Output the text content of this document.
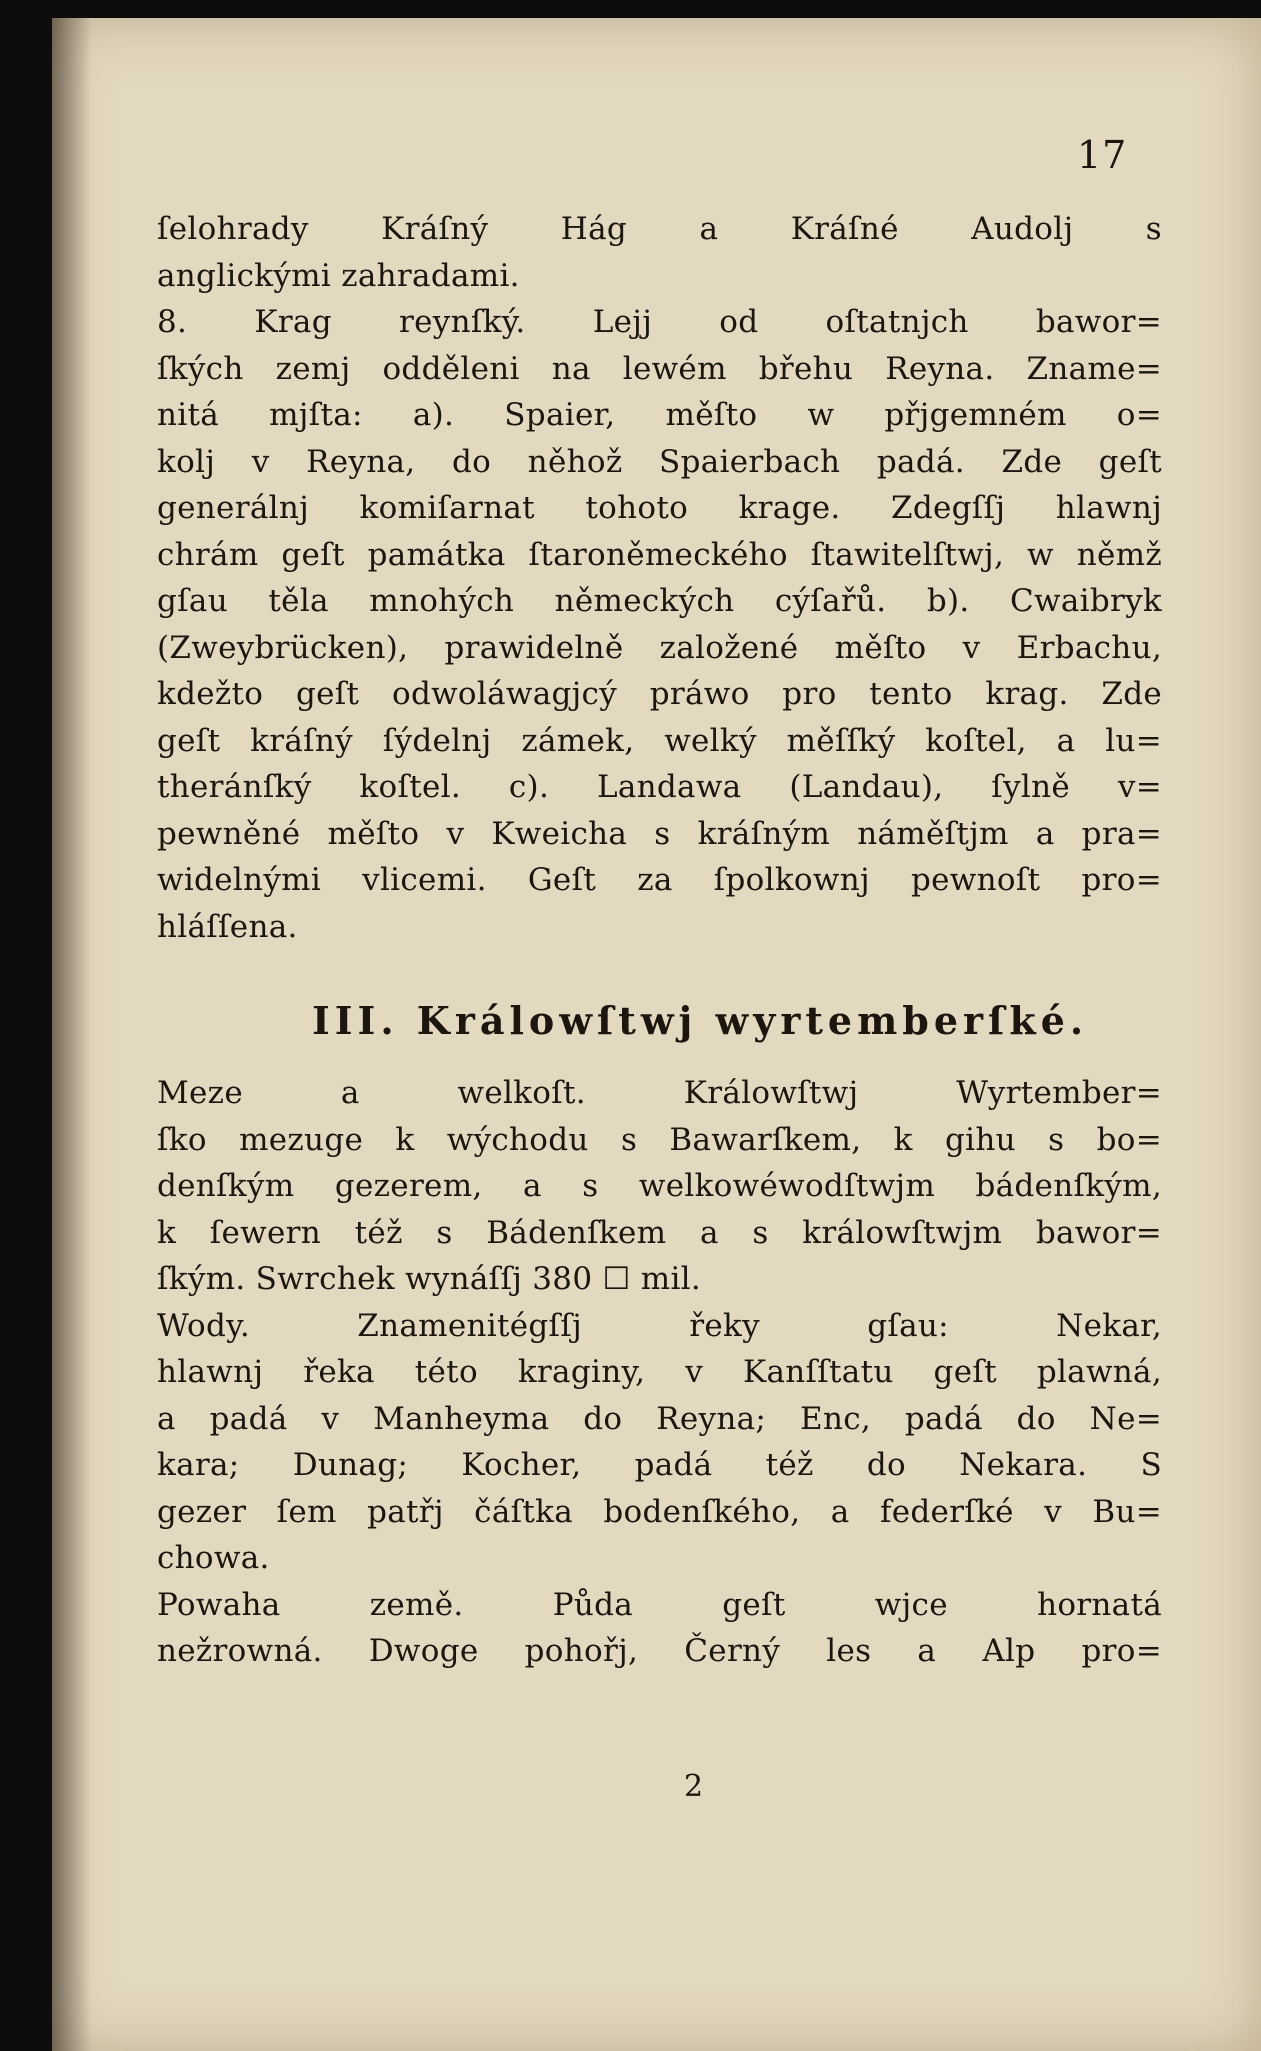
17
ſelohrady Kráſný Hág a Kráſné Audolj s
anglickými zahradami.
8. Krag reynſký. Lejj od oſtatnjch bawor=
ſkých zemj odděleni na lewém břehu Reyna. Zname=
nitá mjſta: a). Spaier, měſto w přjgemném o=
kolj v Reyna, do něhož Spaierbach padá. Zde geſt
generálnj komiſarnat tohoto krage. Zdegſſj hlawnj
chrám geſt památka ſtaroněmeckého ſtawitelſtwj, w němž
gſau těla mnohých německých cýſařů. b). Cwaibryk
(Zweybrücken), prawidelně založené měſto v Erbachu,
kdežto geſt odwoláwagjcý práwo pro tento krag. Zde
geſt kráſný ſýdelnj zámek, welký měſſký koſtel, a lu=
theránſký koſtel. c). Landawa (Landau), ſylně v=
pewněné měſto v Kweicha s kráſným náměſtjm a pra=
widelnými vlicemi. Geſt za ſpolkownj pewnoſt pro=
hláſſena.
III. Králowſtwj wyrtemberſké.
Meze a welkoſt. Králowſtwj Wyrtember=
ſko mezuge k wýchodu s Bawarſkem, k gihu s bo=
denſkým gezerem, a s welkowéwodſtwjm bádenſkým,
k ſewern též s Bádenſkem a s králowſtwjm bawor=
ſkým. Swrchek wynáſſj 380 ☐ mil.
Wody. Znamenitégſſj řeky gſau: Nekar,
hlawnj řeka této kraginy, v Kanſſtatu geſt plawná,
a padá v Manheyma do Reyna; Enc, padá do Ne=
kara; Dunag; Kocher, padá též do Nekara. S
gezer ſem patřj čáſtka bodenſkého, a federſké v Bu=
chowa.
Powaha země. Půda geſt wjce hornatá
nežrowná. Dwoge pohořj, Černý les a Alp pro=
2
